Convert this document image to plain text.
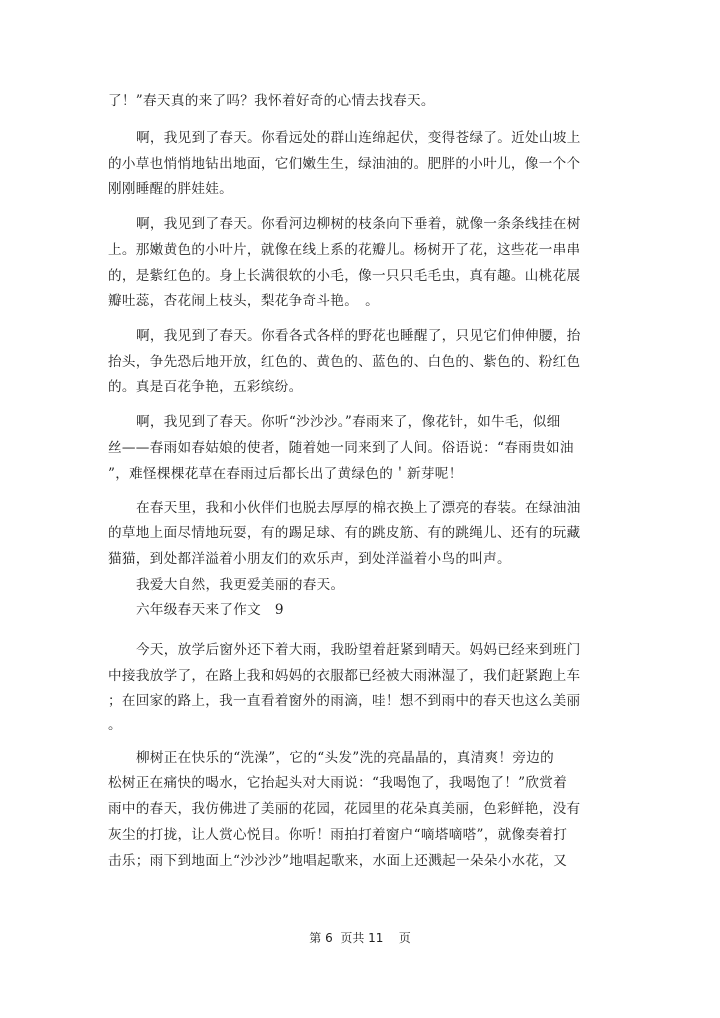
了！”春天真的来了吗？我怀着好奇的心情去找春天。
啊，我见到了春天。你看远处的群山连绵起伏，变得苍绿了。近处山坡上
的小草也悄悄地钻出地面，它们嫩生生，绿油油的。肥胖的小叶儿，像一个个
刚刚睡醒的胖娃娃。
啊，我见到了春天。你看河边柳树的枝条向下垂着，就像一条条线挂在树
上。那嫩黄色的小叶片，就像在线上系的花瓣儿。杨树开了花，这些花一串串
的，是紫红色的。身上长满很软的小毛，像一只只毛毛虫，真有趣。山桃花展
瓣吐蕊，杏花闹上枝头，梨花争奇斗艳。　。
啊，我见到了春天。你看各式各样的野花也睡醒了，只见它们伸伸腰，抬
抬头，争先恐后地开放，红色的、黄色的、蓝色的、白色的、紫色的、粉红色
的。真是百花争艳，五彩缤纷。
啊，我见到了春天。你听“沙沙沙。”春雨来了，像花针，如牛毛，似细
丝——春雨如春姑娘的使者，随着她一同来到了人间。俗语说：“春雨贵如油
”，难怪棵棵花草在春雨过后都长出了黄绿色的＇新芽呢！
在春天里，我和小伙伴们也脱去厚厚的棉衣换上了漂亮的春装。在绿油油
的草地上面尽情地玩耍，有的踢足球、有的跳皮筋、有的跳绳儿、还有的玩藏
猫猫，到处都洋溢着小朋友们的欢乐声，到处洋溢着小鸟的叫声。
我爱大自然，我更爱美丽的春天。
六年级春天来了作文　9
今天，放学后窗外还下着大雨，我盼望着赶紧到晴天。妈妈已经来到班门
中接我放学了，在路上我和妈妈的衣服都已经被大雨淋湿了，我们赶紧跑上车
；在回家的路上，我一直看着窗外的雨滴，哇！想不到雨中的春天也这么美丽
。
柳树正在快乐的“洗澡”，它的“头发”洗的亮晶晶的，真清爽！旁边的
松树正在痛快的喝水，它抬起头对大雨说：“我喝饱了，我喝饱了！”欣赏着
雨中的春天，我仿佛进了美丽的花园，花园里的花朵真美丽，色彩鲜艳，没有
灰尘的打拢，让人赏心悦目。你听！雨拍打着窗户“嘀塔嘀嗒”，就像奏着打
击乐；雨下到地面上“沙沙沙”地唱起歌来，水面上还溅起一朵朵小水花，又
第 6  页共 11    页
